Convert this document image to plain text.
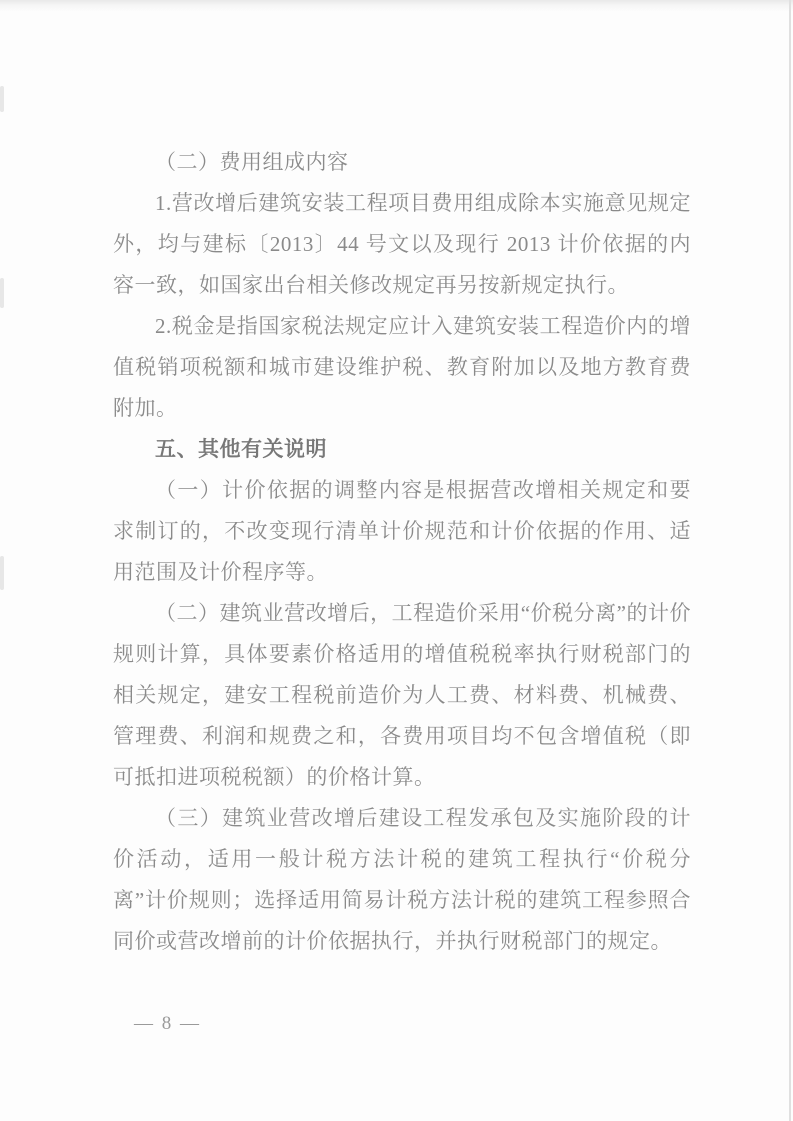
（二）费用组成内容

1.营改增后建筑安装工程项目费用组成除本实施意见规定外，均与建标〔2013〕44 号文以及现行 2013 计价依据的内容一致，如国家出台相关修改规定再另按新规定执行。

2.税金是指国家税法规定应计入建筑安装工程造价内的增值税销项税额和城市建设维护税、教育附加以及地方教育费附加。

五、其他有关说明

（一）计价依据的调整内容是根据营改增相关规定和要求制订的，不改变现行清单计价规范和计价依据的作用、适用范围及计价程序等。

（二）建筑业营改增后，工程造价采用“价税分离”的计价规则计算，具体要素价格适用的增值税税率执行财税部门的相关规定，建安工程税前造价为人工费、材料费、机械费、管理费、利润和规费之和，各费用项目均不包含增值税（即可抵扣进项税税额）的价格计算。

（三）建筑业营改增后建设工程发承包及实施阶段的计价活动，适用一般计税方法计税的建筑工程执行“价税分离”计价规则；选择适用简易计税方法计税的建筑工程参照合同价或营改增前的计价依据执行，并执行财税部门的规定。

— 8 —
